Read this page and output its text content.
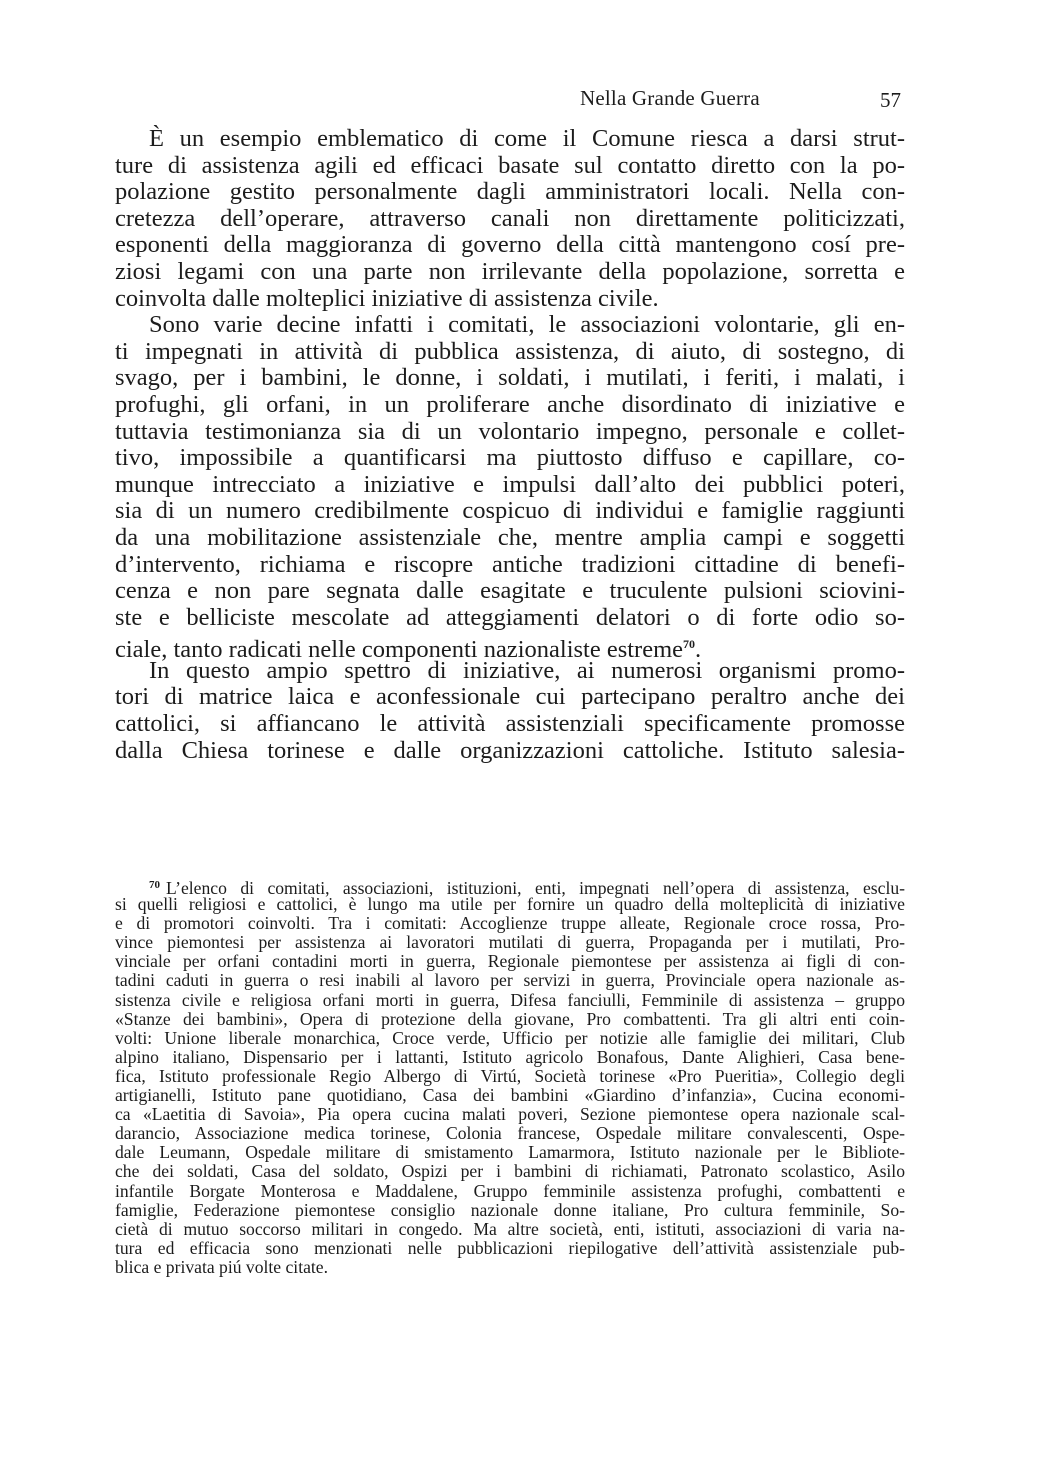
Nella Grande Guerra	57
È un esempio emblematico di come il Comune riesca a darsi strut-
ture di assistenza agili ed efficaci basate sul contatto diretto con la po-
polazione gestito personalmente dagli amministratori locali. Nella con-
cretezza dell’operare, attraverso canali non direttamente politicizzati,
esponenti della maggioranza di governo della città mantengono cosí pre-
ziosi legami con una parte non irrilevante della popolazione, sorretta e
coinvolta dalle molteplici iniziative di assistenza civile.
Sono varie decine infatti i comitati, le associazioni volontarie, gli en-
ti impegnati in attività di pubblica assistenza, di aiuto, di sostegno, di
svago, per i bambini, le donne, i soldati, i mutilati, i feriti, i malati, i
profughi, gli orfani, in un proliferare anche disordinato di iniziative e
tuttavia testimonianza sia di un volontario impegno, personale e collet-
tivo, impossibile a quantificarsi ma piuttosto diffuso e capillare, co-
munque intrecciato a iniziative e impulsi dall’alto dei pubblici poteri,
sia di un numero credibilmente cospicuo di individui e famiglie raggiunti
da una mobilitazione assistenziale che, mentre amplia campi e soggetti
d’intervento, richiama e riscopre antiche tradizioni cittadine di benefi-
cenza e non pare segnata dalle esagitate e truculente pulsioni sciovini-
ste e belliciste mescolate ad atteggiamenti delatori o di forte odio so-
ciale, tanto radicati nelle componenti nazionaliste estreme$^{70}$.
In questo ampio spettro di iniziative, ai numerosi organismi promo-
tori di matrice laica e aconfessionale cui partecipano peraltro anche dei
cattolici, si affiancano le attività assistenziali specificamente promosse
dalla Chiesa torinese e dalle organizzazioni cattoliche. Istituto salesia-
$^{70}$ L’elenco di comitati, associazioni, istituzioni, enti, impegnati nell’opera di assistenza, esclu-
si quelli religiosi e cattolici, è lungo ma utile per fornire un quadro della molteplicità di iniziative
e di promotori coinvolti. Tra i comitati: Accoglienze truppe alleate, Regionale croce rossa, Pro-
vince piemontesi per assistenza ai lavoratori mutilati di guerra, Propaganda per i mutilati, Pro-
vinciale per orfani contadini morti in guerra, Regionale piemontese per assistenza ai figli di con-
tadini caduti in guerra o resi inabili al lavoro per servizi in guerra, Provinciale opera nazionale as-
sistenza civile e religiosa orfani morti in guerra, Difesa fanciulli, Femminile di assistenza – gruppo
«Stanze dei bambini», Opera di protezione della giovane, Pro combattenti. Tra gli altri enti coin-
volti: Unione liberale monarchica, Croce verde, Ufficio per notizie alle famiglie dei militari, Club
alpino italiano, Dispensario per i lattanti, Istituto agricolo Bonafous, Dante Alighieri, Casa bene-
fica, Istituto professionale Regio Albergo di Virtú, Società torinese «Pro Pueritia», Collegio degli
artigianelli, Istituto pane quotidiano, Casa dei bambini «Giardino d’infanzia», Cucina economi-
ca «Laetitia di Savoia», Pia opera cucina malati poveri, Sezione piemontese opera nazionale scal-
darancio, Associazione medica torinese, Colonia francese, Ospedale militare convalescenti, Ospe-
dale Leumann, Ospedale militare di smistamento Lamarmora, Istituto nazionale per le Bibliote-
che dei soldati, Casa del soldato, Ospizi per i bambini di richiamati, Patronato scolastico, Asilo
infantile Borgate Monterosa e Maddalene, Gruppo femminile assistenza profughi, combattenti e
famiglie, Federazione piemontese consiglio nazionale donne italiane, Pro cultura femminile, So-
cietà di mutuo soccorso militari in congedo. Ma altre società, enti, istituti, associazioni di varia na-
tura ed efficacia sono menzionati nelle pubblicazioni riepilogative dell’attività assistenziale pub-
blica e privata piú volte citate.
